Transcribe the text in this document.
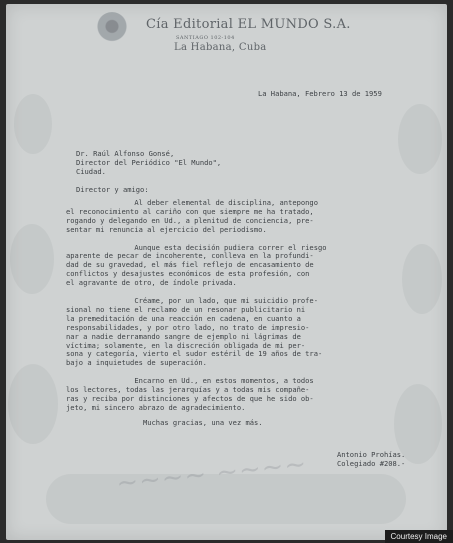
Cía Editorial EL MUNDO S.A.
SANTIAGO 102-104
La Habana, Cuba
La Habana, Febrero 13 de 1959
Dr. Raúl Alfonso Gonsé,
Director del Periódico "El Mundo",
Ciudad.
Director y amigo:
Al deber elemental de disciplina, antepongo
el reconocimiento al cariño con que siempre me ha tratado,
rogando y delegando en Ud., a plenitud de conciencia, pre-
sentar mi renuncia al ejercicio del periodismo.

Aunque esta decisión pudiera correr el riesgo
aparente de pecar de incoherente, conlleva en la profundi-
dad de su gravedad, el más fiel reflejo de encasamiento de
conflictos y desajustes económicos de esta profesión, con
el agravante de otro, de índole privada.

Créame, por un lado, que mi suicidio profe-
sional no tiene el reclamo de un resonar publicitario ni
la premeditación de una reacción en cadena, en cuanto a
responsabilidades, y por otro lado, no trato de impresio-
nar a nadie derramando sangre de ejemplo ni lágrimas de
víctima; solamente, en la discreción obligada de mi per-
sona y categoría, vierto el sudor estéril de 19 años de tra-
bajo a inquietudes de superación.

Encarno en Ud., en estos momentos, a todos
los lectores, todas las jerarquías y a todas mis compañe-
ras y reciba por distinciones y afectos de que he sido ob-
jeto, mi sincero abrazo de agradecimiento.
Muchas gracias, una vez más.
~~~~ ~~~~	Antonio Prohías.
Colegiado #208.-
Courtesy Image
